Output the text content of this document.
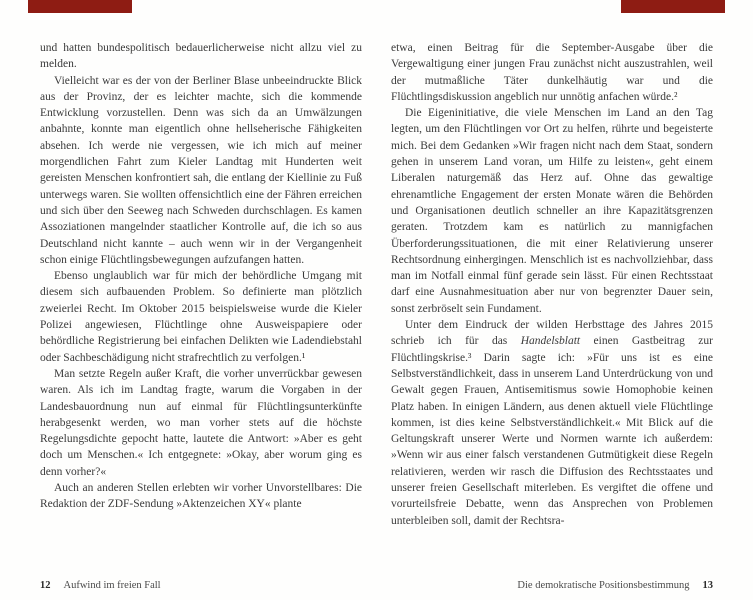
und hatten bundespolitisch bedauerlicherweise nicht allzu viel zu melden.

Vielleicht war es der von der Berliner Blase unbeeindruckte Blick aus der Provinz, der es leichter machte, sich die kommende Entwicklung vorzustellen. Denn was sich da an Umwälzungen anbahnte, konnte man eigentlich ohne hellseherische Fähigkeiten absehen. Ich werde nie vergessen, wie ich mich auf meiner morgendlichen Fahrt zum Kieler Landtag mit Hunderten weit gereisten Menschen konfrontiert sah, die entlang der Kiellinie zu Fuß unterwegs waren. Sie wollten offensichtlich eine der Fähren erreichen und sich über den Seeweg nach Schweden durchschlagen. Es kamen Assoziationen mangelnder staatlicher Kontrolle auf, die ich so aus Deutschland nicht kannte – auch wenn wir in der Vergangenheit schon einige Flüchtlingsbewegungen aufzufangen hatten.

Ebenso unglaublich war für mich der behördliche Umgang mit diesem sich aufbauenden Problem. So definierte man plötzlich zweierlei Recht. Im Oktober 2015 beispielsweise wurde die Kieler Polizei angewiesen, Flüchtlinge ohne Ausweispapiere oder behördliche Registrierung bei einfachen Delikten wie Ladendiebstahl oder Sachbeschädigung nicht strafrechtlich zu verfolgen.¹

Man setzte Regeln außer Kraft, die vorher unverrückbar gewesen waren. Als ich im Landtag fragte, warum die Vorgaben in der Landesbauordnung nun auf einmal für Flüchtlingsunterkünfte herabgesenkt werden, wo man vorher stets auf die höchste Regelungsdichte gepocht hatte, lautete die Antwort: »Aber es geht doch um Menschen.« Ich entgegnete: »Okay, aber worum ging es denn vorher?«

Auch an anderen Stellen erlebten wir vorher Unvorstellbares: Die Redaktion der ZDF-Sendung »Aktenzeichen XY« plante

12 Aufwind im freien Fall

etwa, einen Beitrag für die September-Ausgabe über die Vergewaltigung einer jungen Frau zunächst nicht auszustrahlen, weil der mutmaßliche Täter dunkelhäutig war und die Flüchtlingsdiskussion angeblich nur unnötig anfachen würde.²

Die Eigeninitiative, die viele Menschen im Land an den Tag legten, um den Flüchtlingen vor Ort zu helfen, rührte und begeisterte mich. Bei dem Gedanken »Wir fragen nicht nach dem Staat, sondern gehen in unserem Land voran, um Hilfe zu leisten«, geht einem Liberalen naturgemäß das Herz auf. Ohne das gewaltige ehrenamtliche Engagement der ersten Monate wären die Behörden und Organisationen deutlich schneller an ihre Kapazitätsgrenzen geraten. Trotzdem kam es natürlich zu mannigfachen Überforderungssituationen, die mit einer Relativierung unserer Rechtsordnung einhergingen. Menschlich ist es nachvollziehbar, dass man im Notfall einmal fünf gerade sein lässt. Für einen Rechtsstaat darf eine Ausnahmesituation aber nur von begrenzter Dauer sein, sonst zerbröselt sein Fundament.

Unter dem Eindruck der wilden Herbsttage des Jahres 2015 schrieb ich für das Handelsblatt einen Gastbeitrag zur Flüchtlingskrise.³ Darin sagte ich: »Für uns ist es eine Selbstverständlichkeit, dass in unserem Land Unterdrückung von und Gewalt gegen Frauen, Antisemitismus sowie Homophobie keinen Platz haben. In einigen Ländern, aus denen aktuell viele Flüchtlinge kommen, ist dies keine Selbstverständlichkeit.« Mit Blick auf die Geltungskraft unserer Werte und Normen warnte ich außerdem: »Wenn wir aus einer falsch verstandenen Gutmütigkeit diese Regeln relativieren, werden wir rasch die Diffusion des Rechtsstaates und unserer freien Gesellschaft miterleben. Es vergiftet die offene und vorurteilsfreie Debatte, wenn das Ansprechen von Problemen unterbleiben soll, damit der Rechtsra-

Die demokratische Positionsbestimmung 13
